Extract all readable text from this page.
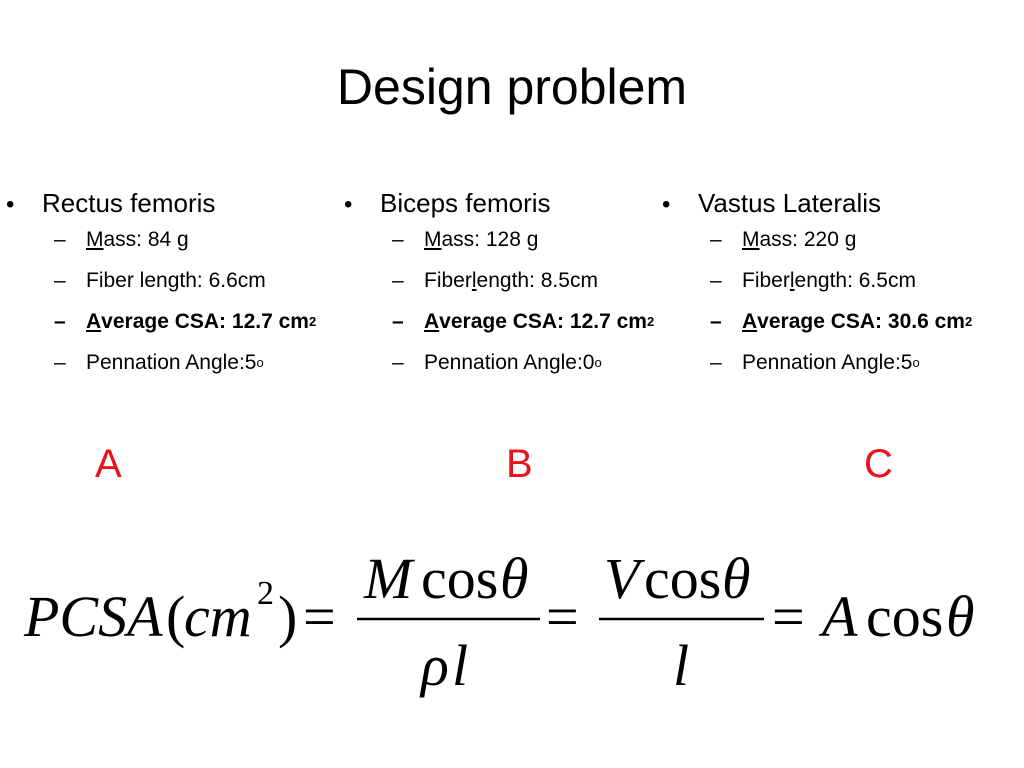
Design problem
•	Rectus femoris
– M ass: 84 g
– Fiber length: 6.6cm
– A verage CSA: 12.7 $cm^2$
– Pennation Angle:5$^o$
•	Biceps femoris
– M ass: 128 g
– Fiber l ength: 8.5cm
– A verage CSA: 12.7 $cm^2$
– Pennation Angle:0$^o$
•	Vastus Lateralis
– M ass: 220 g
– Fiber l ength: 6.5cm
– A verage CSA: 30.6 $cm^2$
– Pennation Angle:5$^o$
A	B	C
PCSA (
cm 2 ) =
M cos θ
ρ l
=
V cos θ
l
= A cos θ
